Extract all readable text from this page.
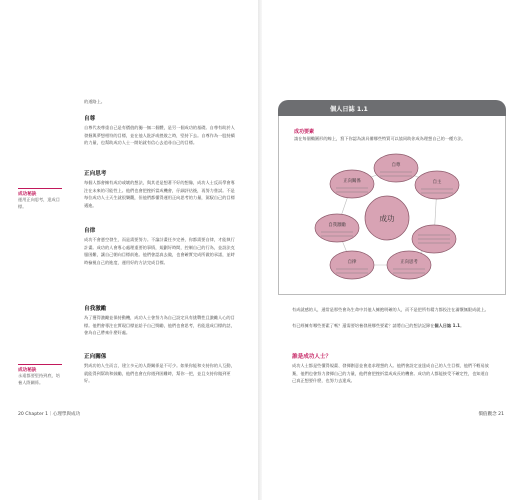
的道路上。
自尊
自尊代表尊重自己是有價值的獨一無二個體，是另一個成功的基礎。自尊有助於人發掘與夢想相符的目標，並在他人批評或挫敗之時，堅持下去。自尊作為一股持續的力量，也幫助成功人士一開始就有信心去追尋自己的目標。
正向思考
每個人都會擁有成功或壞的想法，與其老是想著不好的想像，成功人士反而學會專注在未來的可能性上。他們也會把挫折當成機會，仔細評估後，再努力嘗試。不是每位成功人士天生就很樂觀，但他們都懂得運用正向思考的力量，駕馭自己的目標邁進。
自律
成功不會憑空發生，而是需要努力。不論計畫任多完善，你都需要自律，才能執行計畫。成功的人會專心處理重要的事情，規劃好時間，控制自己的行為，並設法克服困難，讓自己朝向目標前進。他們會認真去做，也會確實完成所做的承諾，並時時檢視自己的進度，運用好的方法完成目標。
自我激勵
為了獲得激勵並保持動機，成功人士會努力為自己設定具有挑戰性且激勵人心的目標。他們會專注在實現目標並給予自己獎勵，他們也會思考，若能達成目標的話，會為自己帶來什麼好處。
正向關係
對成功的人生而言，建立多元的人際關係是不可少。如果你能和支持你的人互動，就能得到幫助和鼓勵，他們也會在你遇到困難時，幫你一把，並且支持你做到更好。
成功秘訣
運用正向思考，達成目標。
成功秘訣
永遠都要堅持到底，培養人際關係。
20 Chapter 1｜心理學與成功
個人日誌 1.1
成功要素
請在每個橢圓形的線上，寫下你認為該具備哪些特質可以協同助你成為理想自己的一種方法。
自尊
自主
正向關係
自我激勵
自律	正向思考
成功
有成就感的人，通常是那些會為生命中其他人擁抱明確的人，而不是把所有精力都投注在滿懷無限成就上。
有已經擁有哪些要素了嗎？還需要培養發展哪些要素？請將自己的想法記錄在個人日誌 1.1。
誰是成功人士？
成功人士都是些懂得規畫、發揮創意並會追求理想的人。他們會設定並達成自己的人生目標，他們不輕易放棄，他們也會努力發揮自己的力量，他們會把挫折當成成長的機會。成功的人都能接受不確定性，也知道自己真正想要什麼，也努力去達成。
價值觀念 21
